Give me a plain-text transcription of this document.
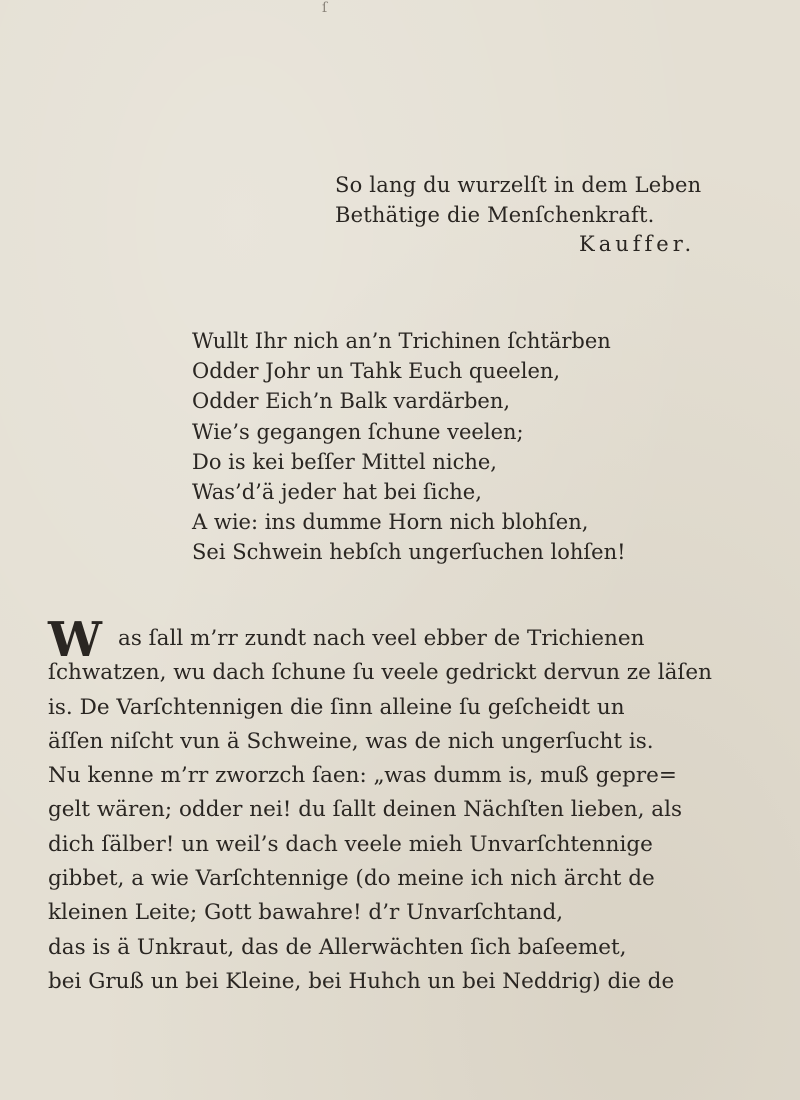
ſ
So lang du wurzelſt in dem Leben
Bethätige die Menſchenkraft.
Kauffer.
Wullt Ihr nich an’n Trichinen ſchtärben
Odder Johr un Tahk Euch queelen,
Odder Eich’n Balk vardärben,
Wie’s gegangen ſchune veelen;
Do is kei beſſer Mittel niche,
Was’d’ä jeder hat bei ſiche,
A wie: ins dumme Horn nich blohſen,
Sei Schwein hebſch ungerſuchen lohſen!
W as ſall m’rr zundt nach veel ebber de Trichienen
ſchwatzen, wu dach ſchune ſu veele gedrickt dervun ze läſen
is. De Varſchtennigen die ſinn alleine ſu geſcheidt un
äſſen niſcht vun ä Schweine, was de nich ungerſucht is.
Nu kenne m’rr zworzch ſaen: „was dumm is, muß gepre=
gelt wären; odder nei! du ſallt deinen Nächſten lieben, als
dich ſälber! un weil’s dach veele mieh Unvarſchtennige
gibbet, a wie Varſchtennige (do meine ich nich ärcht de
kleinen Leite; Gott bawahre! d’r Unvarſchtand,
das is ä Unkraut, das de Allerwächten ſich baſeemet,
bei Gruß un bei Kleine, bei Huhch un bei Neddrig) die de
